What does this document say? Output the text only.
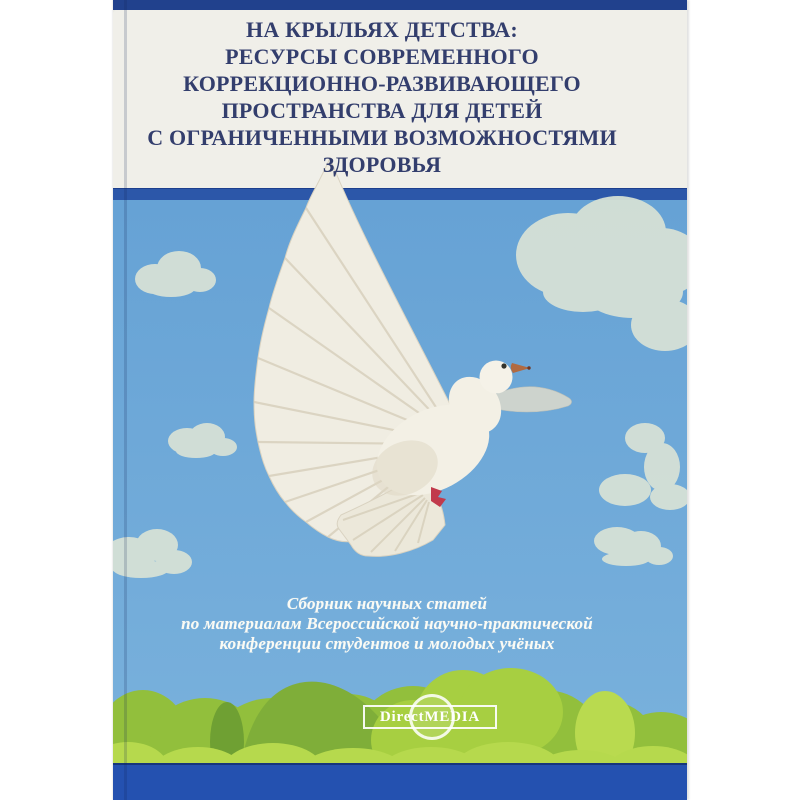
НА КРЫЛЬЯХ ДЕТСТВА:
РЕСУРСЫ СОВРЕМЕННОГО
КОРРЕКЦИОННО-РАЗВИВАЮЩЕГО
ПРОСТРАНСТВА ДЛЯ ДЕТЕЙ
С ОГРАНИЧЕННЫМИ ВОЗМОЖНОСТЯМИ
ЗДОРОВЬЯ
Сборник научных статей
по материалам Всероссийской научно-практической
конференции студентов и молодых учёных
DirectMEDIA
